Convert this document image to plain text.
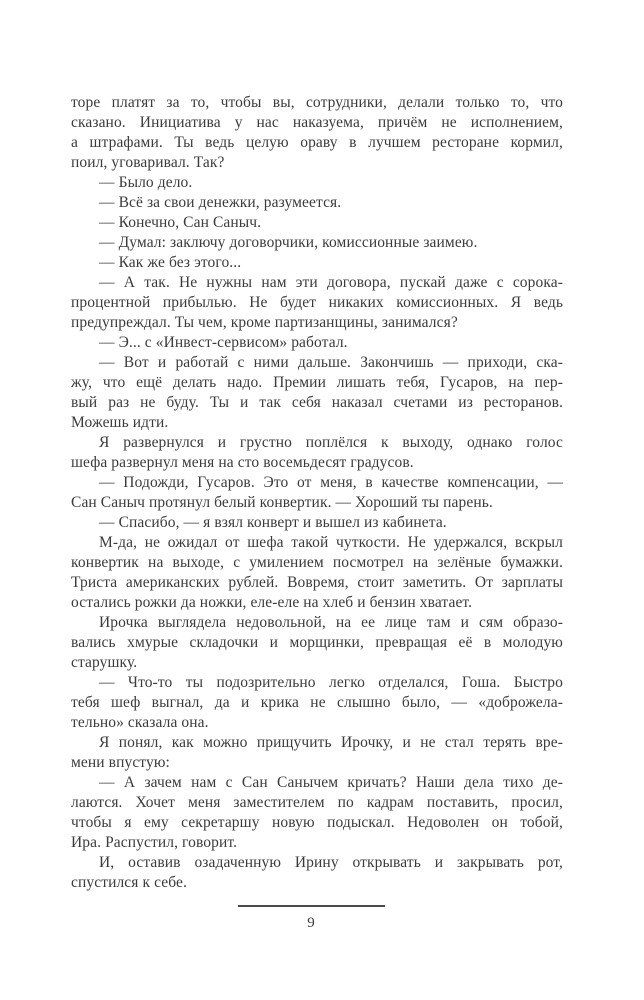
торе платят за то, чтобы вы, сотрудники, делали только то, что
сказано. Инициатива у нас наказуема, причём не исполнением,
а штрафами. Ты ведь целую ораву в лучшем ресторане кормил,
поил, уговаривал. Так?
— Было дело.
— Всё за свои денежки, разумеется.
— Конечно, Сан Саныч.
— Думал: заключу договорчики, комиссионные заимею.
— Как же без этого...
— А так. Не нужны нам эти договора, пускай даже с сорока-
процентной прибылью. Не будет никаких комиссионных. Я ведь
предупреждал. Ты чем, кроме партизанщины, занимался?
— Э... с «Инвест-сервисом» работал.
— Вот и работай с ними дальше. Закончишь — приходи, ска-
жу, что ещё делать надо. Премии лишать тебя, Гусаров, на пер-
вый раз не буду. Ты и так себя наказал счетами из ресторанов.
Можешь идти.
Я развернулся и грустно поплёлся к выходу, однако голос
шефа развернул меня на сто восемьдесят градусов.
— Подожди, Гусаров. Это от меня, в качестве компенсации, —
Сан Саныч протянул белый конвертик. — Хороший ты парень.
— Спасибо, — я взял конверт и вышел из кабинета.
М-да, не ожидал от шефа такой чуткости. Не удержался, вскрыл
конвертик на выходе, с умилением посмотрел на зелёные бумажки.
Триста американских рублей. Вовремя, стоит заметить. От зарплаты
остались рожки да ножки, еле-еле на хлеб и бензин хватает.
Ирочка выглядела недовольной, на ее лице там и сям образо-
вались хмурые складочки и морщинки, превращая её в молодую
старушку.
— Что-то ты подозрительно легко отделался, Гоша. Быстро
тебя шеф выгнал, да и крика не слышно было, — «доброжела-
тельно» сказала она.
Я понял, как можно прищучить Ирочку, и не стал терять вре-
мени впустую:
— А зачем нам с Сан Санычем кричать? Наши дела тихо де-
лаются. Хочет меня заместителем по кадрам поставить, просил,
чтобы я ему секретаршу новую подыскал. Недоволен он тобой,
Ира. Распустил, говорит.
И, оставив озадаченную Ирину открывать и закрывать рот,
спустился к себе.
9
